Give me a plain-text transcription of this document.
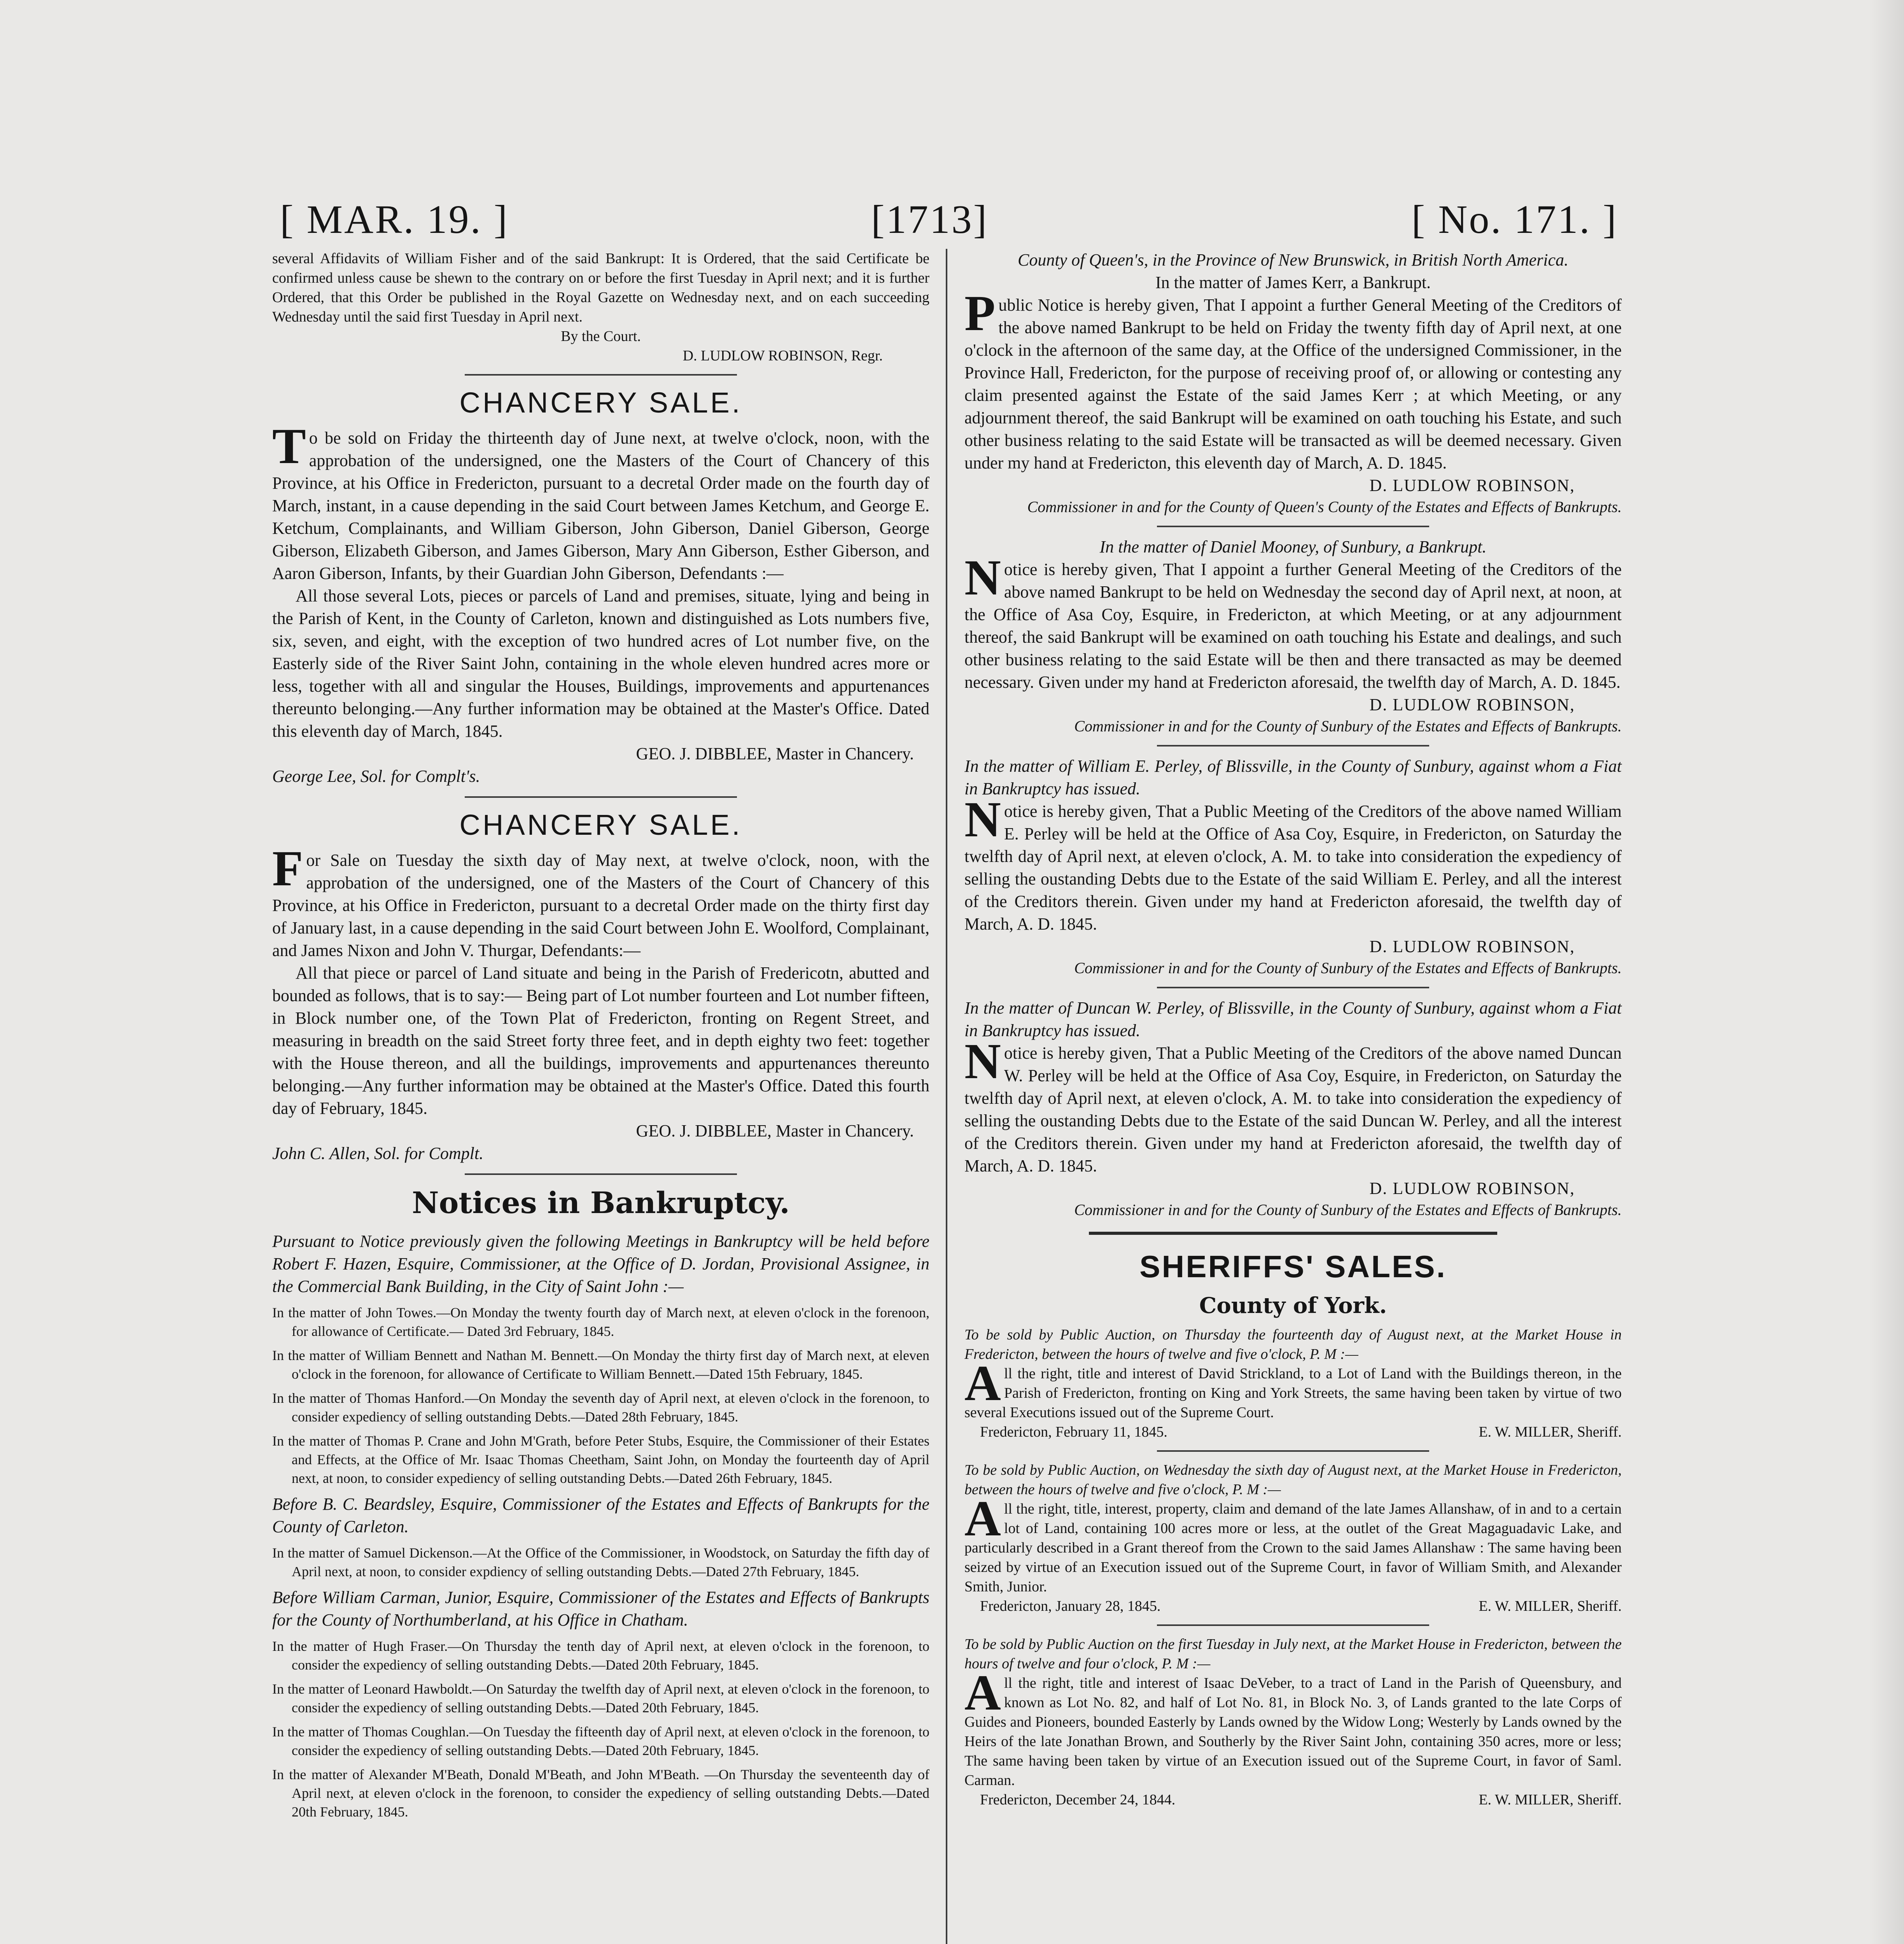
[ MAR. 19. ]	[1713]	[ No. 171. ]

several Affidavits of William Fisher and of the said Bankrupt: It is Ordered, that the said Certificate be confirmed unless cause be shewn to the contrary on or before the first Tuesday in April next; and it is further Ordered, that this Order be published in the Royal Gazette on Wednesday next, and on each succeeding Wednesday until the said first Tuesday in April next.

By the Court.

D. LUDLOW ROBINSON, Regr.

CHANCERY SALE.

To be sold on Friday the thirteenth day of June next, at twelve o'clock, noon, with the approbation of the undersigned, one the Masters of the Court of Chancery of this Province, at his Office in Fredericton, pursuant to a decretal Order made on the fourth day of March, instant, in a cause depending in the said Court between James Ketchum, and George E. Ketchum, Complainants, and William Giberson, John Giberson, Daniel Giberson, George Giberson, Elizabeth Giberson, and James Giberson, Mary Ann Giberson, Esther Giberson, and Aaron Giberson, Infants, by their Guardian John Giberson, Defendants :—

All those several Lots, pieces or parcels of Land and premises, situate, lying and being in the Parish of Kent, in the County of Carleton, known and distinguished as Lots numbers five, six, seven, and eight, with the exception of two hundred acres of Lot number five, on the Easterly side of the River Saint John, containing in the whole eleven hundred acres more or less, together with all and singular the Houses, Buildings, improvements and appurtenances thereunto belonging.—Any further information may be obtained at the Master's Office. Dated this eleventh day of March, 1845.

GEO. J. DIBBLEE, Master in Chancery.

George Lee, Sol. for Complt's.

CHANCERY SALE.

For Sale on Tuesday the sixth day of May next, at twelve o'clock, noon, with the approbation of the undersigned, one of the Masters of the Court of Chancery of this Province, at his Office in Fredericton, pursuant to a decretal Order made on the thirty first day of January last, in a cause depending in the said Court between John E. Woolford, Complainant, and James Nixon and John V. Thurgar, Defendants:—

All that piece or parcel of Land situate and being in the Parish of Fredericotn, abutted and bounded as follows, that is to say:— Being part of Lot number fourteen and Lot number fifteen, in Block number one, of the Town Plat of Fredericton, fronting on Regent Street, and measuring in breadth on the said Street forty three feet, and in depth eighty two feet: together with the House thereon, and all the buildings, improvements and appurtenances thereunto belonging.—Any further information may be obtained at the Master's Office. Dated this fourth day of February, 1845.

GEO. J. DIBBLEE, Master in Chancery.

John C. Allen, Sol. for Complt.

Notices in Bankruptcy.

Pursuant to Notice previously given the following Meetings in Bankruptcy will be held before Robert F. Hazen, Esquire, Commissioner, at the Office of D. Jordan, Provisional Assignee, in the Commercial Bank Building, in the City of Saint John :—

In the matter of John Towes.—On Monday the twenty fourth day of March next, at eleven o'clock in the forenoon, for allowance of Certificate.— Dated 3rd February, 1845.

In the matter of William Bennett and Nathan M. Bennett.—On Monday the thirty first day of March next, at eleven o'clock in the forenoon, for allowance of Certificate to William Bennett.—Dated 15th February, 1845.

In the matter of Thomas Hanford.—On Monday the seventh day of April next, at eleven o'clock in the forenoon, to consider expediency of selling outstanding Debts.—Dated 28th February, 1845.

In the matter of Thomas P. Crane and John M'Grath, before Peter Stubs, Esquire, the Commissioner of their Estates and Effects, at the Office of Mr. Isaac Thomas Cheetham, Saint John, on Monday the fourteenth day of April next, at noon, to consider expediency of selling outstanding Debts.—Dated 26th February, 1845.

Before B. C. Beardsley, Esquire, Commissioner of the Estates and Effects of Bankrupts for the County of Carleton.

In the matter of Samuel Dickenson.—At the Office of the Commissioner, in Woodstock, on Saturday the fifth day of April next, at noon, to consider expdiency of selling outstanding Debts.—Dated 27th February, 1845.

Before William Carman, Junior, Esquire, Commissioner of the Estates and Effects of Bankrupts for the County of Northumberland, at his Office in Chatham.

In the matter of Hugh Fraser.—On Thursday the tenth day of April next, at eleven o'clock in the forenoon, to consider the expediency of selling outstanding Debts.—Dated 20th February, 1845.

In the matter of Leonard Hawboldt.—On Saturday the twelfth day of April next, at eleven o'clock in the forenoon, to consider the expediency of selling outstanding Debts.—Dated 20th February, 1845.

In the matter of Thomas Coughlan.—On Tuesday the fifteenth day of April next, at eleven o'clock in the forenoon, to consider the expediency of selling outstanding Debts.—Dated 20th February, 1845.

In the matter of Alexander M'Beath, Donald M'Beath, and John M'Beath. —On Thursday the seventeenth day of April next, at eleven o'clock in the forenoon, to consider the expediency of selling outstanding Debts.—Dated 20th February, 1845.

County of Queen's, in the Province of New Brunswick, in British North America.

In the matter of James Kerr, a Bankrupt.

Public Notice is hereby given, That I appoint a further General Meeting of the Creditors of the above named Bankrupt to be held on Friday the twenty fifth day of April next, at one o'clock in the afternoon of the same day, at the Office of the undersigned Commissioner, in the Province Hall, Fredericton, for the purpose of receiving proof of, or allowing or contesting any claim presented against the Estate of the said James Kerr ; at which Meeting, or any adjournment thereof, the said Bankrupt will be examined on oath touching his Estate, and such other business relating to the said Estate will be transacted as will be deemed necessary. Given under my hand at Fredericton, this eleventh day of March, A. D. 1845.

D. LUDLOW ROBINSON,

Commissioner in and for the County of Queen's County of the Estates and Effects of Bankrupts.

In the matter of Daniel Mooney, of Sunbury, a Bankrupt.

Notice is hereby given, That I appoint a further General Meeting of the Creditors of the above named Bankrupt to be held on Wednesday the second day of April next, at noon, at the Office of Asa Coy, Esquire, in Fredericton, at which Meeting, or at any adjournment thereof, the said Bankrupt will be examined on oath touching his Estate and dealings, and such other business relating to the said Estate will be then and there transacted as may be deemed necessary. Given under my hand at Fredericton aforesaid, the twelfth day of March, A. D. 1845.

D. LUDLOW ROBINSON,

Commissioner in and for the County of Sunbury of the Estates and Effects of Bankrupts.

In the matter of William E. Perley, of Blissville, in the County of Sunbury, against whom a Fiat in Bankruptcy has issued.

Notice is hereby given, That a Public Meeting of the Creditors of the above named William E. Perley will be held at the Office of Asa Coy, Esquire, in Fredericton, on Saturday the twelfth day of April next, at eleven o'clock, A. M. to take into consideration the expediency of selling the oustanding Debts due to the Estate of the said William E. Perley, and all the interest of the Creditors therein. Given under my hand at Fredericton aforesaid, the twelfth day of March, A. D. 1845.

D. LUDLOW ROBINSON,

Commissioner in and for the County of Sunbury of the Estates and Effects of Bankrupts.

In the matter of Duncan W. Perley, of Blissville, in the County of Sunbury, against whom a Fiat in Bankruptcy has issued.

Notice is hereby given, That a Public Meeting of the Creditors of the above named Duncan W. Perley will be held at the Office of Asa Coy, Esquire, in Fredericton, on Saturday the twelfth day of April next, at eleven o'clock, A. M. to take into consideration the expediency of selling the oustanding Debts due to the Estate of the said Duncan W. Perley, and all the interest of the Creditors therein. Given under my hand at Fredericton aforesaid, the twelfth day of March, A. D. 1845.

D. LUDLOW ROBINSON,

Commissioner in and for the County of Sunbury of the Estates and Effects of Bankrupts.

SHERIFFS' SALES.
County of York.

To be sold by Public Auction, on Thursday the fourteenth day of August next, at the Market House in Fredericton, between the hours of twelve and five o'clock, P. M :—

All the right, title and interest of David Strickland, to a Lot of Land with the Buildings thereon, in the Parish of Fredericton, fronting on King and York Streets, the same having been taken by virtue of two several Executions issued out of the Supreme Court.

Fredericton, February 11, 1845.	E. W. MILLER, Sheriff.

To be sold by Public Auction, on Wednesday the sixth day of August next, at the Market House in Fredericton, between the hours of twelve and five o'clock, P. M :—

All the right, title, interest, property, claim and demand of the late James Allanshaw, of in and to a certain lot of Land, containing 100 acres more or less, at the outlet of the Great Magaguadavic Lake, and particularly described in a Grant thereof from the Crown to the said James Allanshaw : The same having been seized by virtue of an Execution issued out of the Supreme Court, in favor of William Smith, and Alexander Smith, Junior.

Fredericton, January 28, 1845.	E. W. MILLER, Sheriff.

To be sold by Public Auction on the first Tuesday in July next, at the Market House in Fredericton, between the hours of twelve and four o'clock, P. M :—

All the right, title and interest of Isaac DeVeber, to a tract of Land in the Parish of Queensbury, and known as Lot No. 82, and half of Lot No. 81, in Block No. 3, of Lands granted to the late Corps of Guides and Pioneers, bounded Easterly by Lands owned by the Widow Long; Westerly by Lands owned by the Heirs of the late Jonathan Brown, and Southerly by the River Saint John, containing 350 acres, more or less; The same having been taken by virtue of an Execution issued out of the Supreme Court, in favor of Saml. Carman.

Fredericton, December 24, 1844.	E. W. MILLER, Sheriff.
